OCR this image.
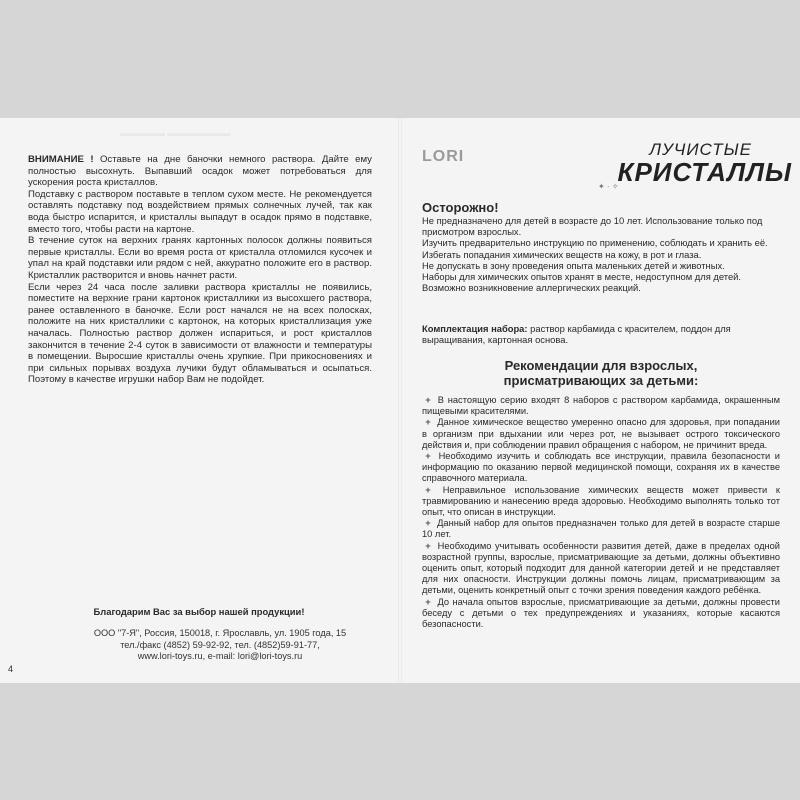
▬▬▬▬▬ ▬▬▬▬▬▬▬

ВНИМАНИЕ ! Оставьте на дне баночки немного раствора. Дайте ему полностью высохнуть. Выпавший осадок может потребоваться для ускорения роста кристаллов.

Подставку с раствором поставьте в теплом сухом месте. Не рекомендуется оставлять подставку под воздействием прямых солнечных лучей, так как вода быстро испарится, и кристаллы выпадут в осадок прямо в подставке, вместо того, чтобы расти на картоне.

В течение суток на верхних гранях картонных полосок должны появиться первые кристаллы. Если во время роста от кристалла отломился кусочек и упал на край подставки или рядом с ней, аккуратно положите его в раствор. Кристаллик растворится и вновь начнет расти.

Если через 24 часа после заливки раствора кристаллы не появились, поместите на верхние грани картонок кристаллики из высохшего раствора, ранее оставленного в баночке. Если рост начался не на всех полосках, положите на них кристаллики с картонок, на которых кристаллизация уже началась. Полностью раствор должен испариться, и рост кристаллов закончится в течение 2-4 суток в зависимости от влажности и температуры в помещении. Выросшие кристаллы очень хрупкие. При прикосновениях и при сильных порывах воздуха лучики будут обламываться и осыпаться. Поэтому в качестве игрушки набор Вам не подойдет.

Благодарим Вас за выбор нашей продукции!
ООО "7-Я", Россия, 150018, г. Ярославль, ул. 1905 года, 15
тел./факс (4852) 59-92-92, тел. (4852)59-91-77,
www.lori-toys.ru, e-mail: lori@lori-toys.ru
4
LORI	ЛУЧИСТЫЕ
КРИСТАЛЛЫ
✦ · ✧
Осторожно!
Не предназначено для детей в возрасте до 10 лет. Использование только под присмотром взрослых.
Изучить предварительно инструкцию по применению, соблюдать и хранить её.
Избегать попадания химических веществ на кожу, в рот и глаза.
Не допускать в зону проведения опыта маленьких детей и животных.
Наборы для химических опытов хранят в месте, недоступном для детей.
Возможно возникновение аллергических реакций.
Комплектация набора: раствор карбамида с красителем, поддон для выращивания, картонная основа.
Рекомендации для взрослых,
присматривающих за детьми:
+ В настоящую серию входят 8 наборов с раствором карбамида, окрашенным пищевыми красителями.
+ Данное химическое вещество умеренно опасно для здоровья, при попадании в организм при вдыхании или через рот, не вызывает острого токсического действия и, при соблюдении правил обращения с набором, не причинит вреда.
+ Необходимо изучить и соблюдать все инструкции, правила безопасности и информацию по оказанию первой медицинской помощи, сохраняя их в качестве справочного материала.
+ Неправильное использование химических веществ может привести к травмированию и нанесению вреда здоровью. Необходимо выполнять только тот опыт, что описан в инструкции.
+ Данный набор для опытов предназначен только для детей в возрасте старше 10 лет.
+ Необходимо учитывать особенности развития детей, даже в пределах одной возрастной группы, взрослые, присматривающие за детьми, должны объективно оценить опыт, который подходит для данной категории детей и не представляет для них опасности. Инструкции должны помочь лицам, присматривающим за детьми, оценить конкретный опыт с точки зрения поведения каждого ребёнка.
+ До начала опытов взрослые, присматривающие за детьми, должны провести беседу с детьми о тех предупреждениях и указаниях, которые касаются безопасности.
